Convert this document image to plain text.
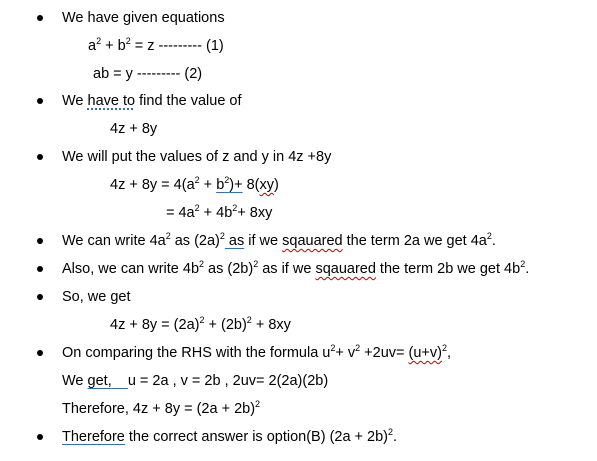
We have given equations
$a^2 + b^2 = z$ --------- (1)
ab = y --------- (2)
We have to find the value of
4z + 8y
We will put the values of z and y in 4z +8y
$4z + 8y = 4(a^2 + b^2)+ 8(xy)$
= $4a^2 + 4b^2+ 8xy$
We can write $4a^2$ as $(2a)^2$ as if we sqauared the term 2a we get $4a^2$.
Also, we can write $4b^2$ as $(2b)^2$ as if we sqauared the term 2b we get $4b^2$.
So, we get
$4z + 8y = (2a)^2 + (2b)^2 + 8xy$
On comparing the RHS with the formula $u^2+ v^2 +2uv= (u+v)^2$,
We get, u = 2a , v = 2b , 2uv= 2(2a)(2b)
Therefore, $4z + 8y = (2a + 2b)^2$
Therefore the correct answer is option(B) $(2a + 2b)^2$.
